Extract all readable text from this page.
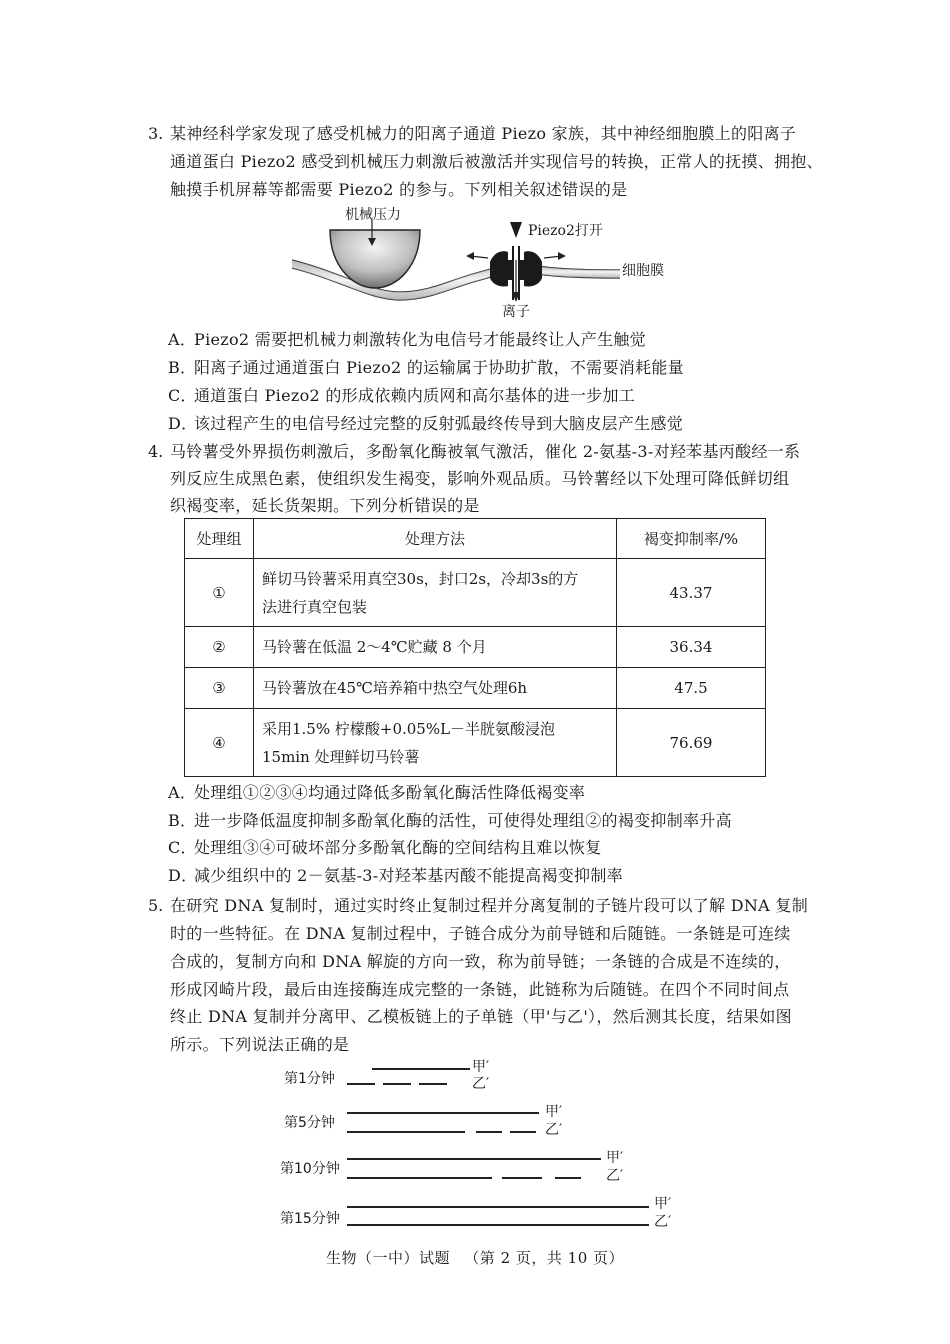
3. 某神经科学家发现了感受机械力的阳离子通道 Piezo 家族，其中神经细胞膜上的阳离子
通道蛋白 Piezo2 感受到机械压力刺激后被激活并实现信号的转换，正常人的抚摸、拥抱、
触摸手机屏幕等都需要 Piezo2 的参与。下列相关叙述错误的是
机械压力
Piezo2打开
细胞膜
离子
A．Piezo2 需要把机械力刺激转化为电信号才能最终让人产生触觉
B．阳离子通过通道蛋白 Piezo2 的运输属于协助扩散，不需要消耗能量
C．通道蛋白 Piezo2 的形成依赖内质网和高尔基体的进一步加工
D．该过程产生的电信号经过完整的反射弧最终传导到大脑皮层产生感觉
4. 马铃薯受外界损伤刺激后，多酚氧化酶被氧气激活，催化 2-氨基-3-对羟苯基丙酸经一系
列反应生成黑色素，使组织发生褐变，影响外观品质。马铃薯经以下处理可降低鲜切组
织褐变率，延长货架期。下列分析错误的是
处理组	处理方法	褐变抑制率/%
①	鲜切马铃薯采用真空30s，封口2s，冷却3s的方
法进行真空包装	43.37
②	马铃薯在低温 2～4℃贮藏 8 个月	36.34
③	马铃薯放在45℃培养箱中热空气处理6h	47.5
④	采用1.5% 柠檬酸+0.05%L－半胱氨酸浸泡
15min 处理鲜切马铃薯	76.69
A．处理组①②③④均通过降低多酚氧化酶活性降低褐变率
B．进一步降低温度抑制多酚氧化酶的活性，可使得处理组②的褐变抑制率升高
C．处理组③④可破坏部分多酚氧化酶的空间结构且难以恢复
D．减少组织中的 2－氨基-3-对羟苯基丙酸不能提高褐变抑制率
5. 在研究 DNA 复制时，通过实时终止复制过程并分离复制的子链片段可以了解 DNA 复制
时的一些特征。在 DNA 复制过程中，子链合成分为前导链和后随链。一条链是可连续
合成的，复制方向和 DNA 解旋的方向一致，称为前导链；一条链的合成是不连续的，
形成冈崎片段，最后由连接酶连成完整的一条链，此链称为后随链。在四个不同时间点
终止 DNA 复制并分离甲、乙模板链上的子单链（甲'与乙'），然后测其长度，结果如图
所示。下列说法正确的是
第1分钟
甲′
乙′
第5分钟
甲′
乙′
第10分钟
甲′
乙′
第15分钟
甲′
乙′
生物（一中）试题 （第 2 页，共 10 页）
